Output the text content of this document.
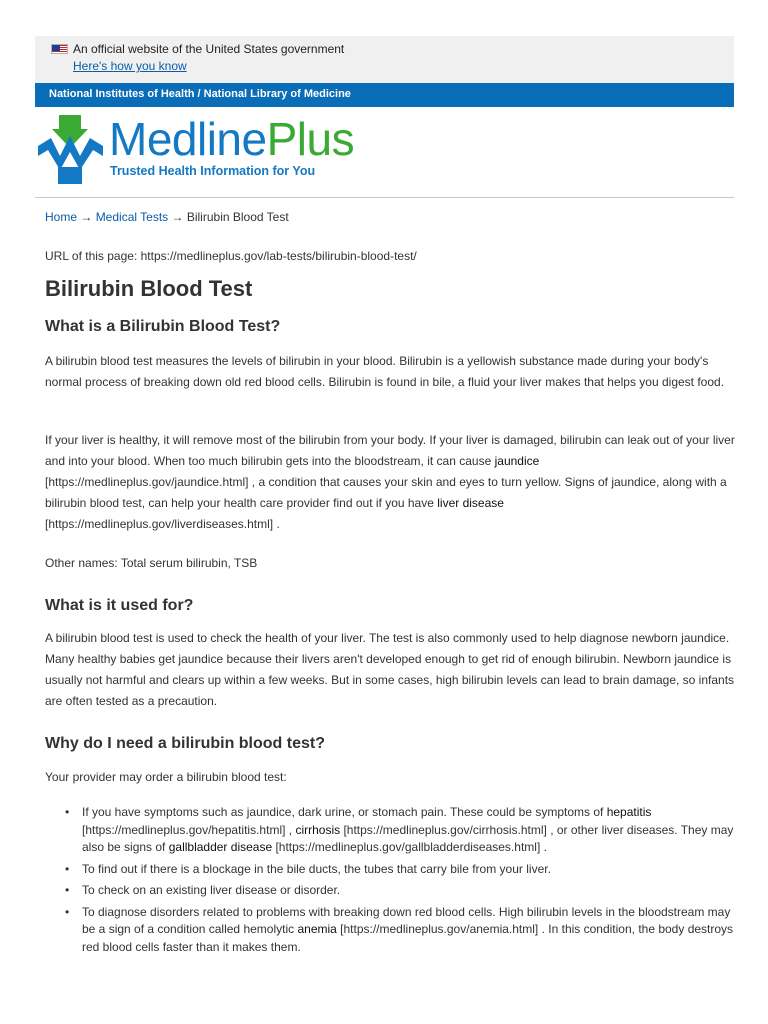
An official website of the United States government
Here's how you know
National Institutes of Health / National Library of Medicine
MedlinePlus
Trusted Health Information for You
Home → Medical Tests → Bilirubin Blood Test
URL of this page: https://medlineplus.gov/lab-tests/bilirubin-blood-test/
Bilirubin Blood Test
What is a Bilirubin Blood Test?

A bilirubin blood test measures the levels of bilirubin in your blood. Bilirubin is a yellowish substance made during your body's normal process of breaking down old red blood cells. Bilirubin is found in bile, a fluid your liver makes that helps you digest food.

If your liver is healthy, it will remove most of the bilirubin from your body. If your liver is damaged, bilirubin can leak out of your liver and into your blood. When too much bilirubin gets into the bloodstream, it can cause jaundice [https://medlineplus.gov/jaundice.html] , a condition that causes your skin and eyes to turn yellow. Signs of jaundice, along with a bilirubin blood test, can help your health care provider find out if you have liver disease [https://medlineplus.gov/liverdiseases.html] .

Other names: Total serum bilirubin, TSB

What is it used for?

A bilirubin blood test is used to check the health of your liver. The test is also commonly used to help diagnose newborn jaundice. Many healthy babies get jaundice because their livers aren't developed enough to get rid of enough bilirubin. Newborn jaundice is usually not harmful and clears up within a few weeks. But in some cases, high bilirubin levels can lead to brain damage, so infants are often tested as a precaution.

Why do I need a bilirubin blood test?

Your provider may order a bilirubin blood test:

• If you have symptoms such as jaundice, dark urine, or stomach pain. These could be symptoms of hepatitis [https://medlineplus.gov/hepatitis.html] , cirrhosis [https://medlineplus.gov/cirrhosis.html] , or other liver diseases. They may also be signs of gallbladder disease [https://medlineplus.gov/gallbladderdiseases.html] .
• To find out if there is a blockage in the bile ducts, the tubes that carry bile from your liver.
• To check on an existing liver disease or disorder.
• To diagnose disorders related to problems with breaking down red blood cells. High bilirubin levels in the bloodstream may be a sign of a condition called hemolytic anemia [https://medlineplus.gov/anemia.html] . In this condition, the body destroys red blood cells faster than it makes them.
